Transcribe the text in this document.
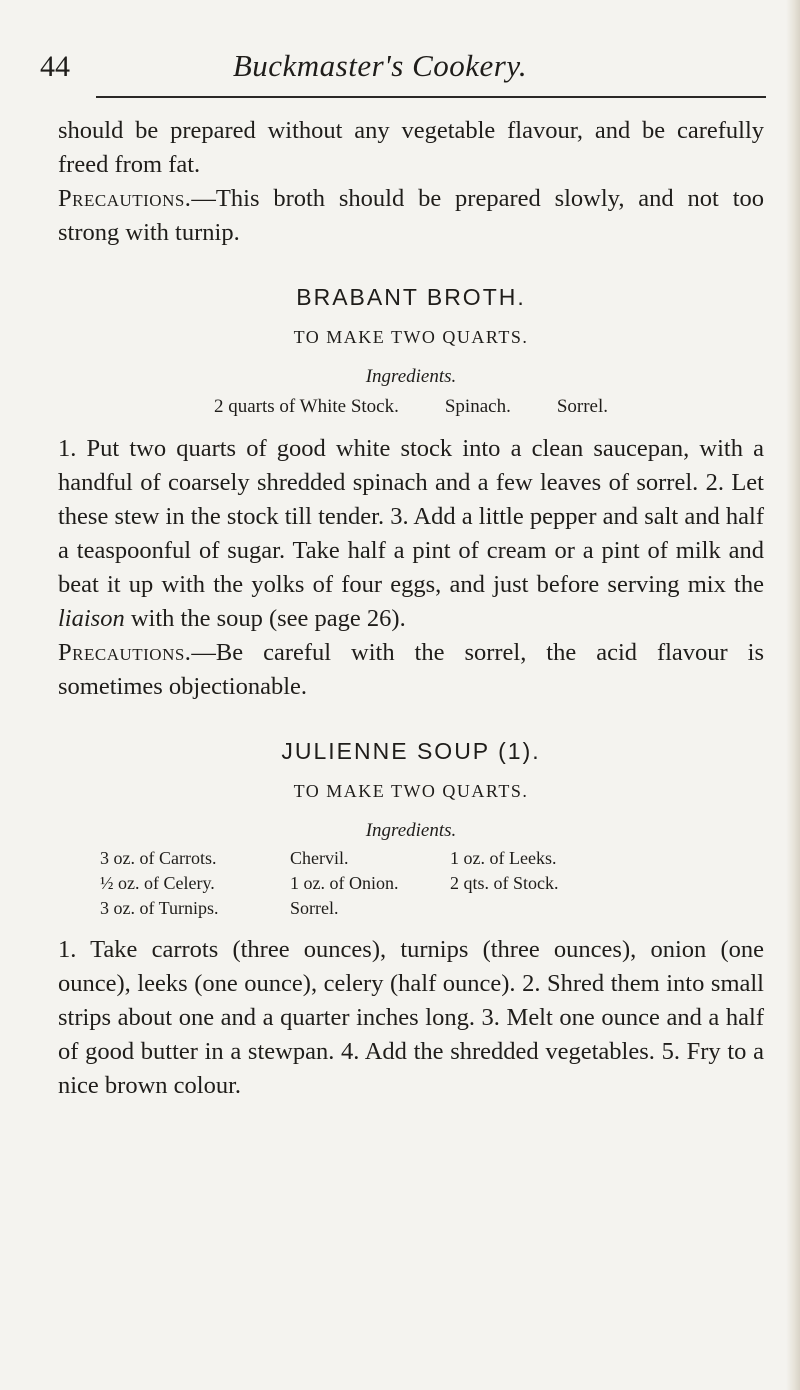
44	Buckmaster's Cookery.

should be prepared without any vegetable flavour, and be carefully freed from fat.

Precautions.—This broth should be prepared slowly, and not too strong with turnip.

BRABANT BROTH.

TO MAKE TWO QUARTS.

Ingredients.

2 quarts of White Stock. Spinach. Sorrel.

1. Put two quarts of good white stock into a clean saucepan, with a handful of coarsely shredded spinach and a few leaves of sorrel. 2. Let these stew in the stock till tender. 3. Add a little pepper and salt and half a teaspoonful of sugar. Take half a pint of cream or a pint of milk and beat it up with the yolks of four eggs, and just before serving mix the liaison with the soup (see page 26).

Precautions.—Be careful with the sorrel, the acid flavour is sometimes objectionable.

JULIENNE SOUP (1).

TO MAKE TWO QUARTS.

Ingredients.

3 oz. of Carrots.	Chervil.	1 oz. of Leeks.
½ oz. of Celery.	1 oz. of Onion.	2 qts. of Stock.
3 oz. of Turnips.	Sorrel.

1. Take carrots (three ounces), turnips (three ounces), onion (one ounce), leeks (one ounce), celery (half ounce). 2. Shred them into small strips about one and a quarter inches long. 3. Melt one ounce and a half of good butter in a stewpan. 4. Add the shredded vegetables. 5. Fry to a nice brown colour.
